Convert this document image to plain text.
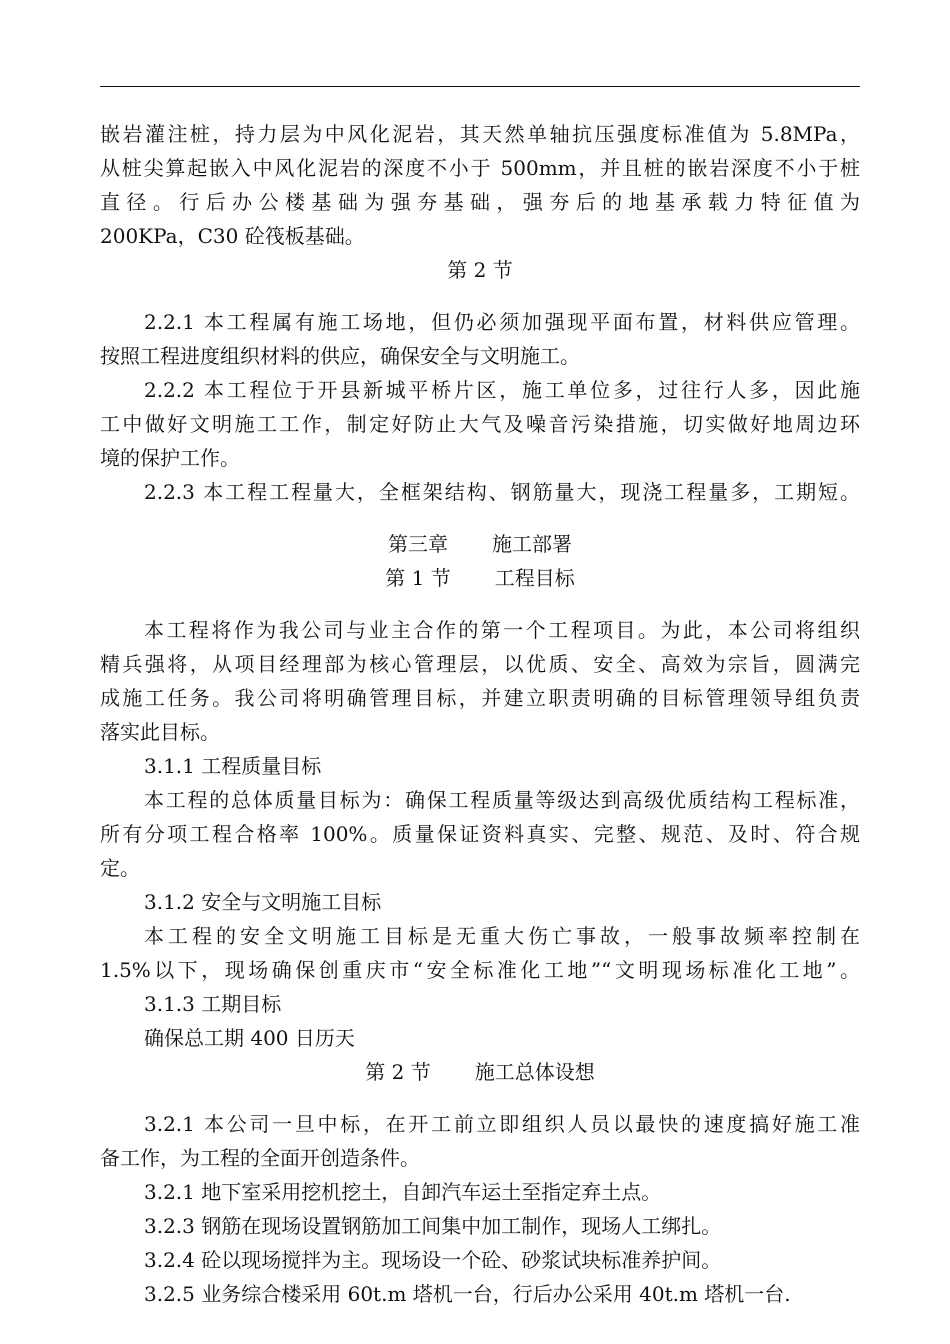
嵌岩灌注桩，持力层为中风化泥岩，其天然单轴抗压强度标准值为 5.8MPa，
从桩尖算起嵌入中风化泥岩的深度不小于 500mm，并且桩的嵌岩深度不小于桩
直径。行后办公楼基础为强夯基础，强夯后的地基承载力特征值为
200KPa，C30 砼筏板基础。
第 2 节
2.2.1 本工程属有施工场地，但仍必须加强现平面布置，材料供应管理。
按照工程进度组织材料的供应，确保安全与文明施工。
2.2.2 本工程位于开县新城平桥片区，施工单位多，过往行人多，因此施
工中做好文明施工工作，制定好防止大气及噪音污染措施，切实做好地周边环
境的保护工作。
2.2.3 本工程工程量大，全框架结构、钢筋量大，现浇工程量多，工期短。
第三章 施工部署
第 1 节 工程目标
本工程将作为我公司与业主合作的第一个工程项目。为此，本公司将组织
精兵强将，从项目经理部为核心管理层，以优质、安全、高效为宗旨，圆满完
成施工任务。我公司将明确管理目标，并建立职责明确的目标管理领导组负责
落实此目标。
3.1.1 工程质量目标
本工程的总体质量目标为：确保工程质量等级达到高级优质结构工程标准，
所有分项工程合格率 100%。质量保证资料真实、完整、规范、及时、符合规
定。
3.1.2 安全与文明施工目标
本工程的安全文明施工目标是无重大伤亡事故，一般事故频率控制在
1.5%以下，现场确保创重庆市“安全标准化工地”“文明现场标准化工地”。
3.1.3 工期目标
确保总工期 400 日历天
第 2 节 施工总体设想
3.2.1 本公司一旦中标，在开工前立即组织人员以最快的速度搞好施工准
备工作，为工程的全面开创造条件。
3.2.1 地下室采用挖机挖土，自卸汽车运土至指定弃土点。
3.2.3 钢筋在现场设置钢筋加工间集中加工制作，现场人工绑扎。
3.2.4 砼以现场搅拌为主。现场设一个砼、砂浆试块标准养护间。
3.2.5 业务综合楼采用 60t.m 塔机一台，行后办公采用 40t.m 塔机一台.
